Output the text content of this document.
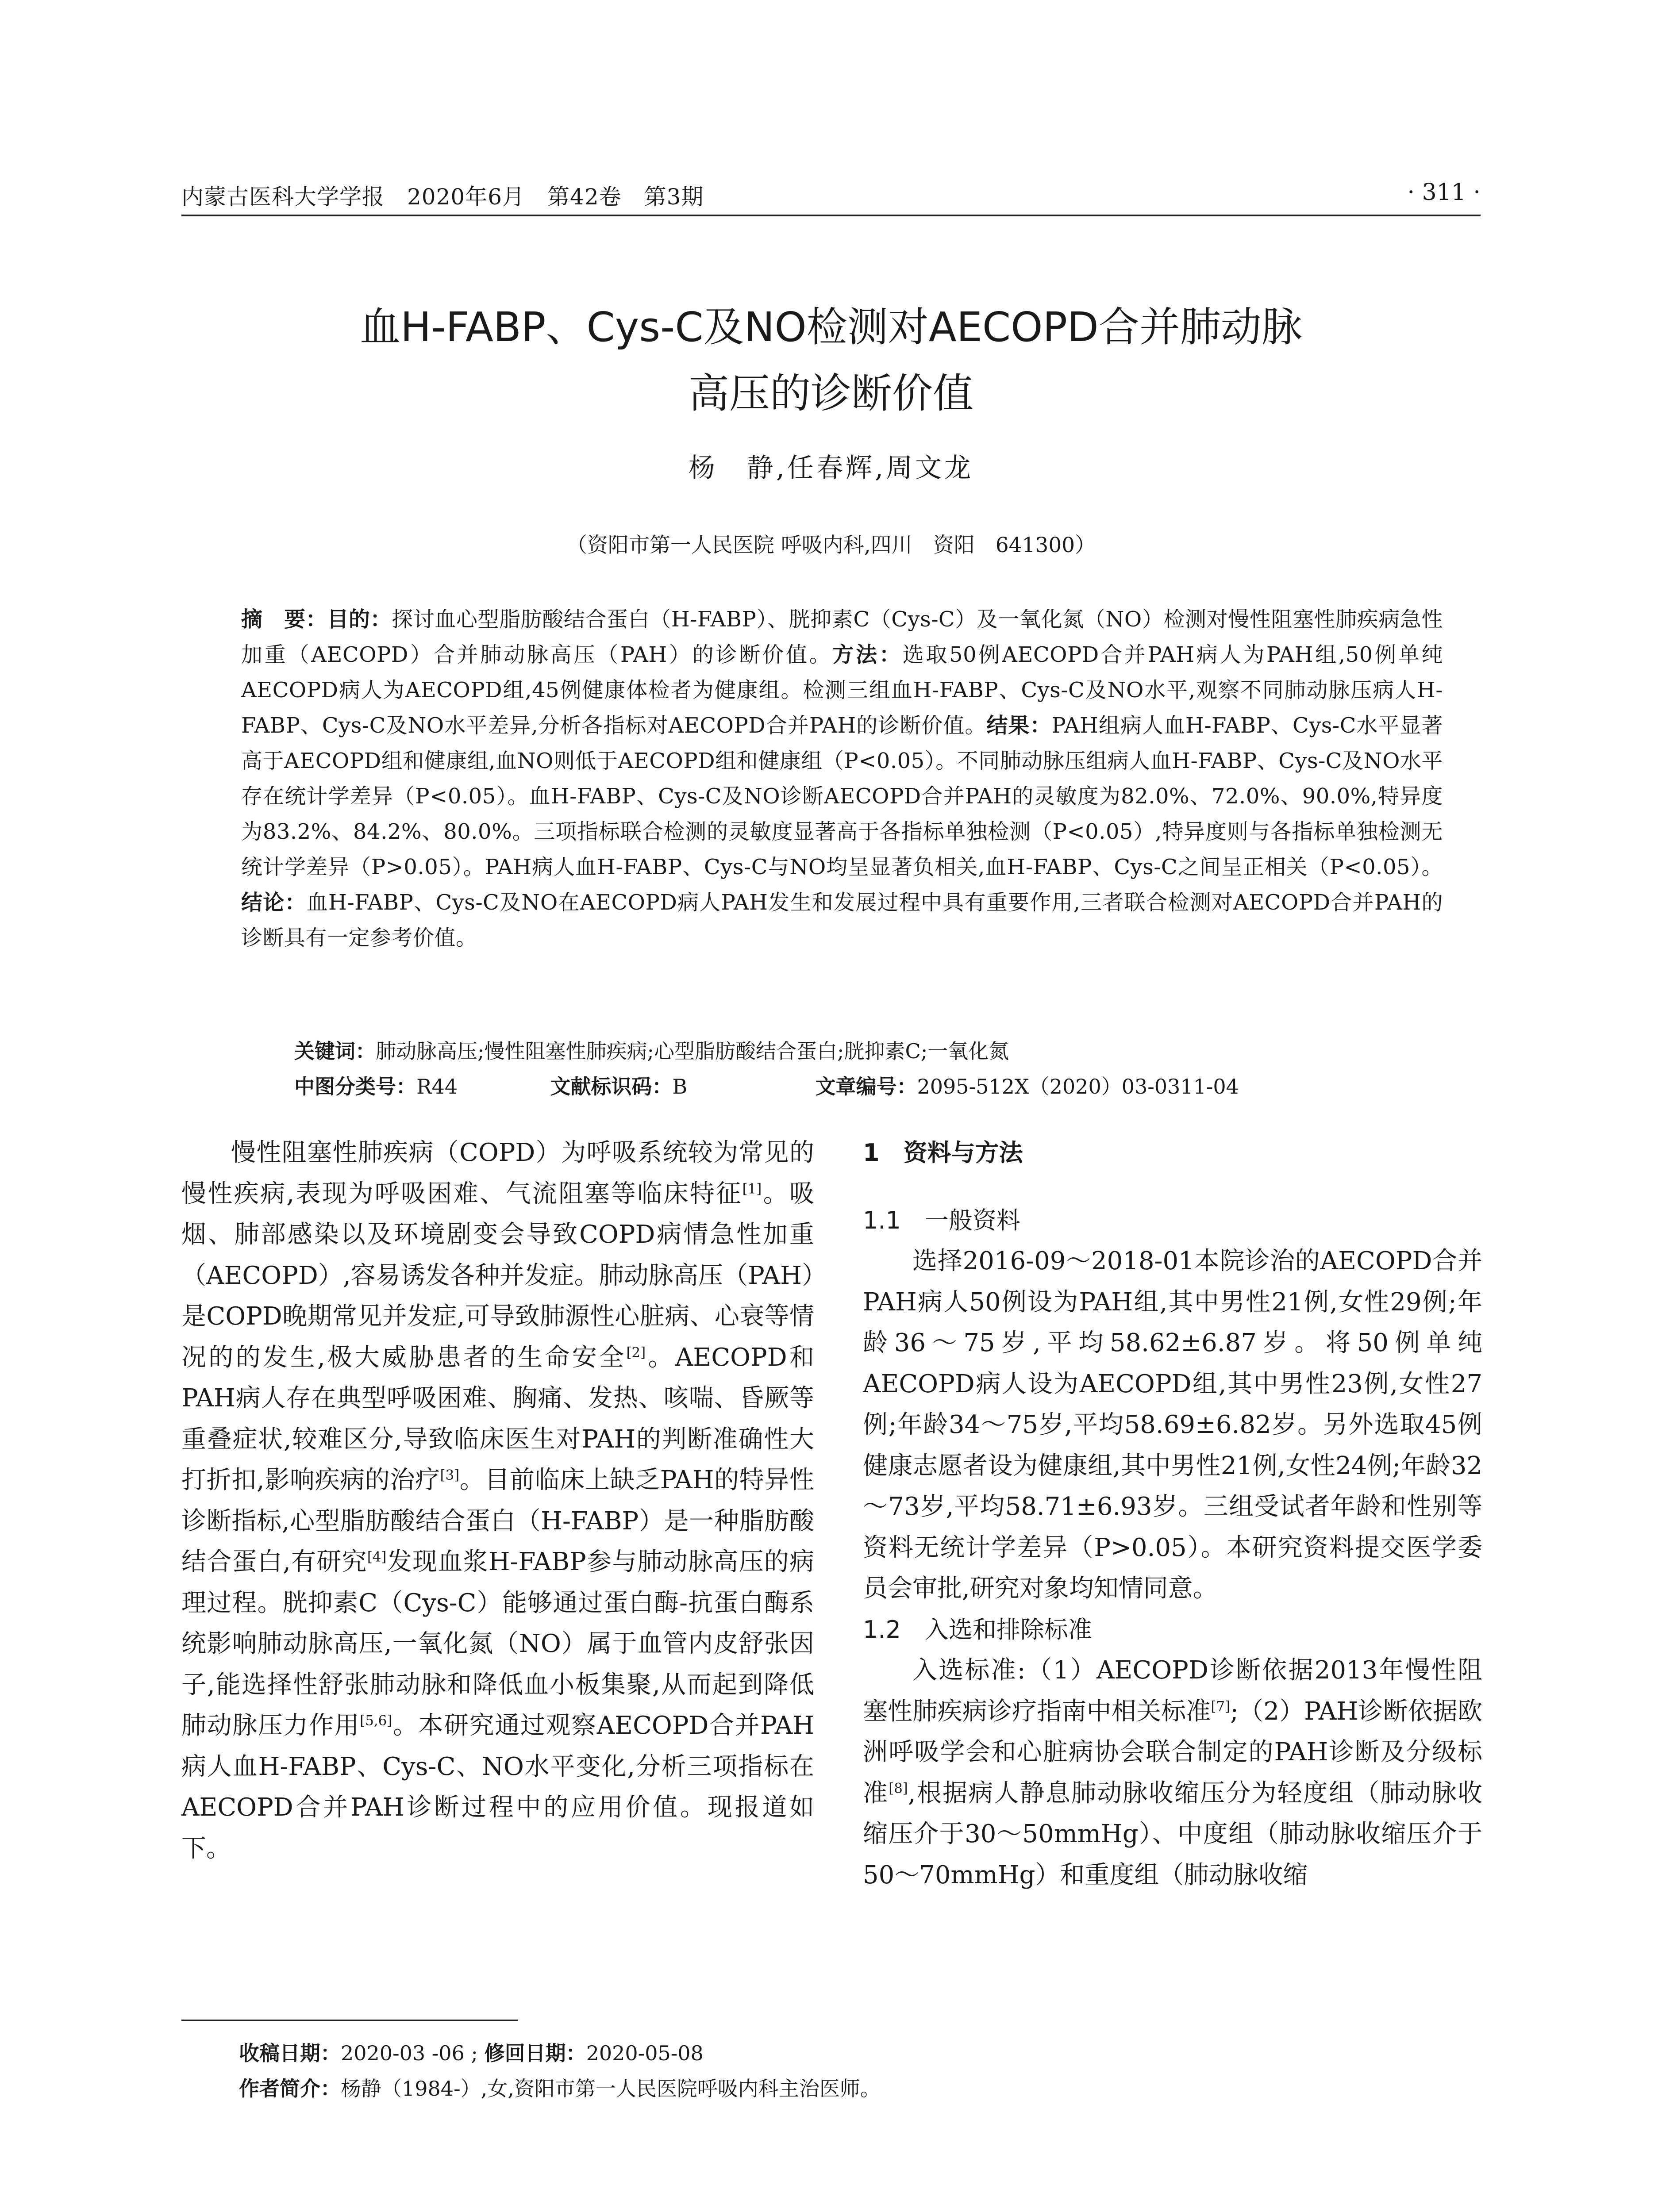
内蒙古医科大学学报　2020年6月　第42卷　第3期	· 311 ·
血H-FABP、Cys-C及NO检测对AECOPD合并肺动脉
高压的诊断价值
杨　静,任春辉,周文龙
（资阳市第一人民医院 呼吸内科,四川　资阳　641300）
摘　要：目的：探讨血心型脂肪酸结合蛋白（H-FABP）、胱抑素C（Cys-C）及一氧化氮（NO）检测对慢性阻塞性肺疾病急性加重（AECOPD）合并肺动脉高压（PAH）的诊断价值。方法：选取50例AECOPD合并PAH病人为PAH组,50例单纯AECOPD病人为AECOPD组,45例健康体检者为健康组。检测三组血H-FABP、Cys-C及NO水平,观察不同肺动脉压病人H-FABP、Cys-C及NO水平差异,分析各指标对AECOPD合并PAH的诊断价值。结果：PAH组病人血H-FABP、Cys-C水平显著高于AECOPD组和健康组,血NO则低于AECOPD组和健康组（P<0.05）。不同肺动脉压组病人血H-FABP、Cys-C及NO水平存在统计学差异（P<0.05）。血H-FABP、Cys-C及NO诊断AECOPD合并PAH的灵敏度为82.0%、72.0%、90.0%,特异度为83.2%、84.2%、80.0%。三项指标联合检测的灵敏度显著高于各指标单独检测（P<0.05）,特异度则与各指标单独检测无统计学差异（P>0.05）。PAH病人血H-FABP、Cys-C与NO均呈显著负相关,血H-FABP、Cys-C之间呈正相关（P<0.05）。结论：血H-FABP、Cys-C及NO在AECOPD病人PAH发生和发展过程中具有重要作用,三者联合检测对AECOPD合并PAH的诊断具有一定参考价值。
关键词：肺动脉高压;慢性阻塞性肺疾病;心型脂肪酸结合蛋白;胱抑素C;一氧化氮
中图分类号：R44	文献标识码：B	文章编号：2095-512X（2020）03-0311-04

慢性阻塞性肺疾病（COPD）为呼吸系统较为常见的慢性疾病,表现为呼吸困难、气流阻塞等临床特征[1]。吸烟、肺部感染以及环境剧变会导致COPD病情急性加重（AECOPD）,容易诱发各种并发症。肺动脉高压（PAH）是COPD晚期常见并发症,可导致肺源性心脏病、心衰等情况的的发生,极大威胁患者的生命安全[2]。AECOPD和PAH病人存在典型呼吸困难、胸痛、发热、咳喘、昏厥等重叠症状,较难区分,导致临床医生对PAH的判断准确性大打折扣,影响疾病的治疗[3]。目前临床上缺乏PAH的特异性诊断指标,心型脂肪酸结合蛋白（H-FABP）是一种脂肪酸结合蛋白,有研究[4]发现血浆H-FABP参与肺动脉高压的病理过程。胱抑素C（Cys-C）能够通过蛋白酶-抗蛋白酶系统影响肺动脉高压,一氧化氮（NO）属于血管内皮舒张因子,能选择性舒张肺动脉和降低血小板集聚,从而起到降低肺动脉压力作用[5,6]。本研究通过观察AECOPD合并PAH病人血H-FABP、Cys-C、NO水平变化,分析三项指标在AECOPD合并PAH诊断过程中的应用价值。现报道如下。

1　资料与方法
1.1　一般资料

选择2016-09～2018-01本院诊治的AECOPD合并PAH病人50例设为PAH组,其中男性21例,女性29例;年龄36～75岁,平均58.62±6.87岁。将50例单纯AECOPD病人设为AECOPD组,其中男性23例,女性27例;年龄34～75岁,平均58.69±6.82岁。另外选取45例健康志愿者设为健康组,其中男性21例,女性24例;年龄32～73岁,平均58.71±6.93岁。三组受试者年龄和性别等资料无统计学差异（P>0.05）。本研究资料提交医学委员会审批,研究对象均知情同意。

1.2　入选和排除标准

入选标准:（1）AECOPD诊断依据2013年慢性阻塞性肺疾病诊疗指南中相关标准[7];（2）PAH诊断依据欧洲呼吸学会和心脏病协会联合制定的PAH诊断及分级标准[8],根据病人静息肺动脉收缩压分为轻度组（肺动脉收缩压介于30～50mmHg）、中度组（肺动脉收缩压介于50～70mmHg）和重度组（肺动脉收缩

收稿日期：2020-03 -06 ; 修回日期：2020-05-08
作者简介：杨静（1984-）,女,资阳市第一人民医院呼吸内科主治医师。
